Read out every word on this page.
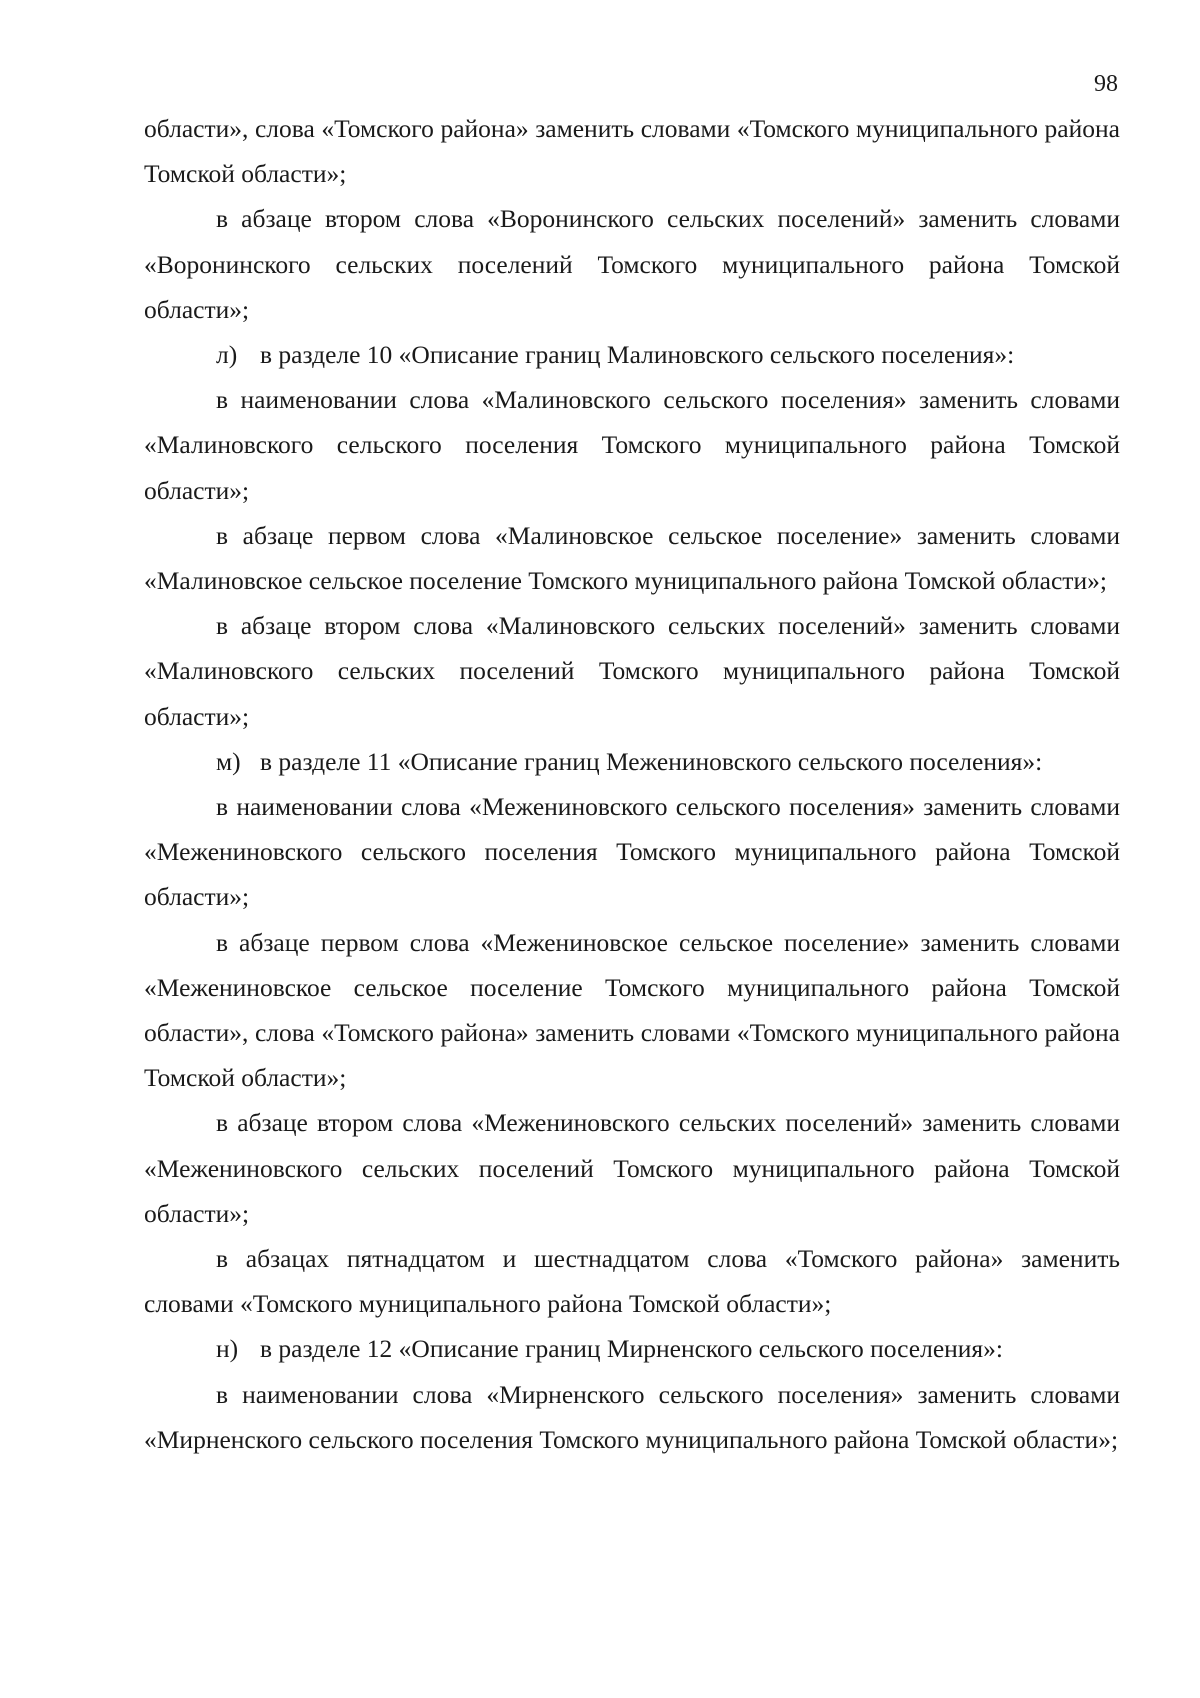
98

области», слова «Томского района» заменить словами «Томского муниципального района Томской области»;

в абзаце втором слова «Воронинского сельских поселений» заменить словами «Воронинского сельских поселений Томского муниципального района Томской области»;

л) в разделе 10 «Описание границ Малиновского сельского поселения»:

в наименовании слова «Малиновского сельского поселения» заменить словами «Малиновского сельского поселения Томского муниципального района Томской области»;

в абзаце первом слова «Малиновское сельское поселение» заменить словами «Малиновское сельское поселение Томского муниципального района Томской области»;

в абзаце втором слова «Малиновского сельских поселений» заменить словами «Малиновского сельских поселений Томского муниципального района Томской области»;

м) в разделе 11 «Описание границ Межениновского сельского поселения»:

в наименовании слова «Межениновского сельского поселения» заменить словами «Межениновского сельского поселения Томского муниципального района Томской области»;

в абзаце первом слова «Межениновское сельское поселение» заменить словами «Межениновское сельское поселение Томского муниципального района Томской области», слова «Томского района» заменить словами «Томского муниципального района Томской области»;

в абзаце втором слова «Межениновского сельских поселений» заменить словами «Межениновского сельских поселений Томского муниципального района Томской области»;

в абзацах пятнадцатом и шестнадцатом слова «Томского района» заменить словами «Томского муниципального района Томской области»;

н) в разделе 12 «Описание границ Мирненского сельского поселения»:

в наименовании слова «Мирненского сельского поселения» заменить словами «Мирненского сельского поселения Томского муниципального района Томской области»;
